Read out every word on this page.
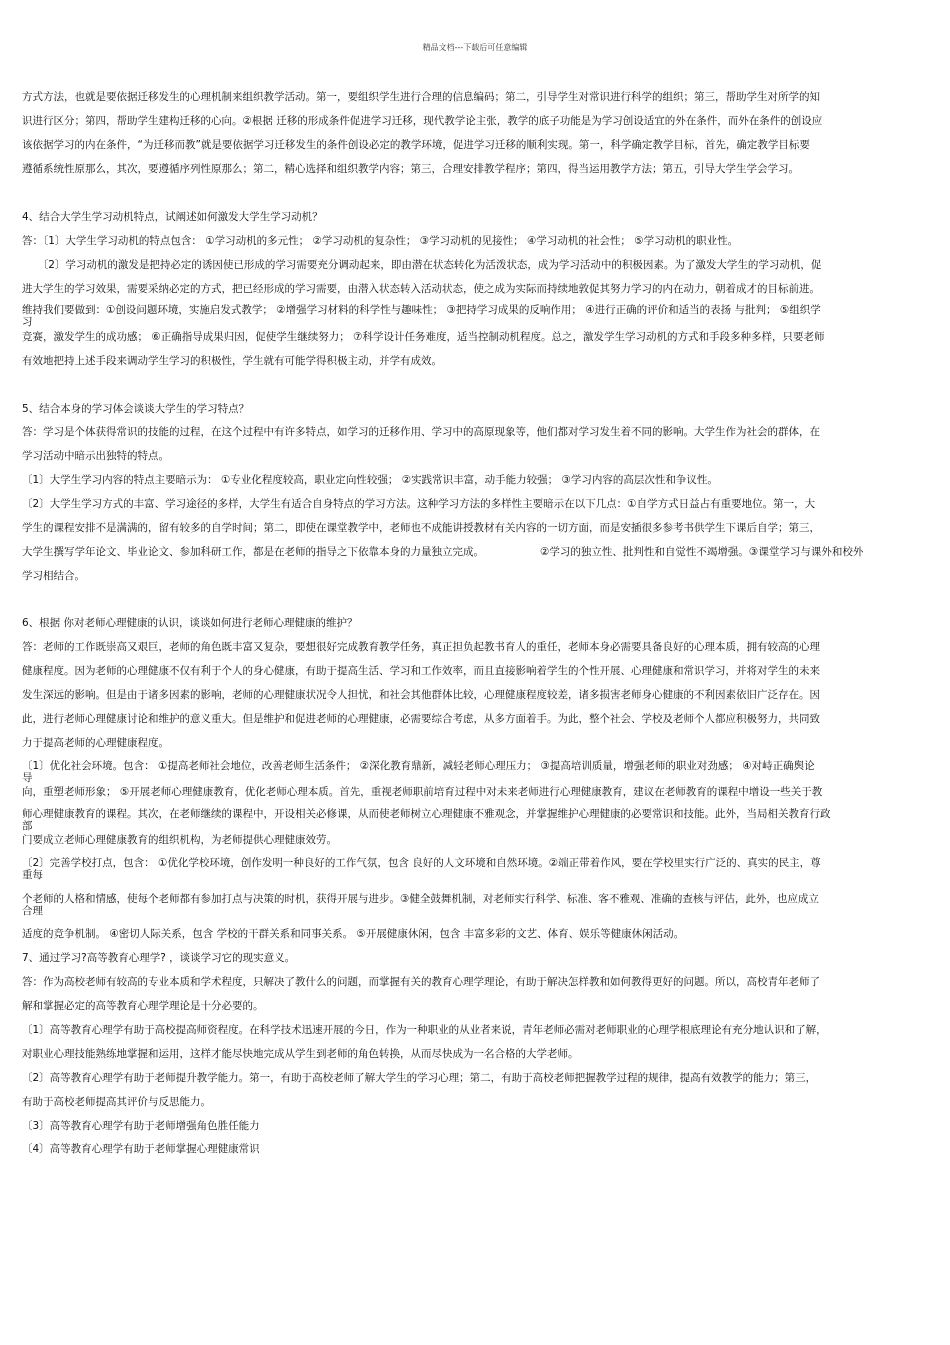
精品文档---下载后可任意编辑
方式方法，也就是要依据迁移发生的心理机制来组织教学活动。第一，要组织学生进行合理的信息编码；第二，引导学生对常识进行科学的组织；第三，帮助学生对所学的知
识进行区分；第四，帮助学生建构迁移的心向。②根据 迁移的形成条件促进学习迁移，现代教学论主张，教学的底子功能是为学习创设适宜的外在条件，而外在条件的创设应
该依据学习的内在条件，“为迁移而教”就是要依据学习迁移发生的条件创设必定的教学环境，促进学习迁移的顺利实现。第一，科学确定教学目标，首先，确定教学目标要
遵循系统性原那么，其次，要遵循序列性原那么；第二，精心选择和组织教学内容；第三，合理安排教学程序；第四，得当运用教学方法；第五，引导大学生学会学习。
4、结合大学生学习动机特点，试阐述如何激发大学生学习动机？
答：〔1〕大学生学习动机的特点包含： ①学习动机的多元性； ②学习动机的复杂性； ③学习动机的见接性； ④学习动机的社会性； ⑤学习动机的职业性。
　　〔2〕学习动机的激发是把持必定的诱因使已形成的学习需要充分调动起来，即由潜在状态转化为活泼状态，成为学习活动中的积极因素。为了激发大学生的学习动机，促
进大学生的学习效果，需要采纳必定的方式，把已经形成的学习需要，由潜入状态转入活动状态，使之成为实际而持续地敦促其努力学习的内在动力，朝着成才的目标前进。
维持我们要做到：①创设问题环境，实施启发式教学； ②增强学习材料的科学性与趣味性； ③把持学习成果的反响作用； ④进行正确的评价和适当的表扬 与批判； ⑤组织学
习
竞赛，激发学生的成功感； ⑥正确指导成果归因，促使学生继续努力； ⑦科学设计任务难度，适当控制动机程度。总之，激发学生学习动机的方式和手段多种多样，只要老师
有效地把持上述手段来调动学生学习的积极性，学生就有可能学得积极主动，并学有成效。
5、结合本身的学习体会谈谈大学生的学习特点？
答：学习是个体获得常识的技能的过程，在这个过程中有许多特点，如学习的迁移作用、学习中的高原现象等，他们都对学习发生着不同的影响。大学生作为社会的群体，在
学习活动中暗示出独特的特点。
〔1〕大学生学习内容的特点主要暗示为： ①专业化程度较高，职业定向性较强； ②实践常识丰富，动手能力较强； ③学习内容的高层次性和争议性。
〔2〕大学生学习方式的丰富、学习途径的多样，大学生有适合自身特点的学习方法。这种学习方法的多样性主要暗示在以下几点：①自学方式日益占有重要地位。第一，大
学生的课程安排不是满满的，留有较多的自学时间；第二，即使在课堂教学中，老师也不成能讲授教材有关内容的一切方面，而是安插很多参考书供学生下课后自学；第三，
大学生撰写学年论文、毕业论文、参加科研工作，都是在老师的指导之下依靠本身的力量独立完成。	②学习的独立性、批判性和自觉性不竭增强。③课堂学习与课外和校外
学习相结合。
6、根据 你对老师心理健康的认识，谈谈如何进行老师心理健康的维护？
答：老师的工作既崇高又艰巨，老师的角色既丰富又复杂，要想很好完成教育教学任务，真正担负起教书育人的重任，老师本身必需要具备良好的心理本质，拥有较高的心理
健康程度。因为老师的心理健康不仅有利于个人的身心健康，有助于提高生活、学习和工作效率，而且直接影响着学生的个性开展、心理健康和常识学习，并将对学生的未来
发生深远的影响。但是由于诸多因素的影响，老师的心理健康状况令人担忧，和社会其他群体比较，心理健康程度较差，诸多损害老师身心健康的不利因素依旧广泛存在。因
此，进行老师心理健康讨论和维护的意义重大。但是维护和促进老师的心理健康，必需要综合考虑，从多方面着手。为此，整个社会、学校及老师个人都应积极努力，共同致
力于提高老师的心理健康程度。
〔1〕优化社会环境。包含： ①提高老师社会地位，改善老师生活条件； ②深化教育鼎新，减轻老师心理压力； ③提高培训质量，增强老师的职业对劲感； ④对峙正确舆论
导
向，重塑老师形象； ⑤开展老师心理健康教育，优化老师心理本质。首先，重视老师职前培育过程中对未来老师进行心理健康教育，建议在老师教育的课程中增设一些关于教
师心理健康教育的课程。其次，在老师继续的课程中，开设相关必修课，从而使老师树立心理健康不雅观念，并掌握维护心理健康的必要常识和技能。此外，当局相关教育行政
部
门要成立老师心理健康教育的组织机构，为老师提供心理健康效劳。
〔2〕完善学校打点，包含： ①优化学校环境，创作发明一种良好的工作气氛，包含 良好的人文环境和自然环境。②端正带着作风，要在学校里实行广泛的、真实的民主，尊
重每
个老师的人格和情感，使每个老师都有参加打点与决策的时机，获得开展与进步。③健全鼓舞机制，对老师实行科学、标准、客不雅观、准确的查核与评估，此外，也应成立
合理
适度的竞争机制。 ④密切人际关系，包含 学校的干群关系和同事关系。 ⑤开展健康休闲，包含 丰富多彩的文艺、体育、娱乐等健康休闲活动。
7、通过学习?高等教育心理学? ，谈谈学习它的现实意义。
答：作为高校老师有较高的专业本质和学术程度，只解决了教什么的问题，而掌握有关的教育心理学理论，有助于解决怎样教和如何教得更好的问题。所以，高校青年老师了
解和掌握必定的高等教育心理学理论是十分必要的。
〔1〕高等教育心理学有助于高校提高师资程度。在科学技术迅速开展的今日，作为一种职业的从业者来说，青年老师必需对老师职业的心理学根底理论有充分地认识和了解，
对职业心理技能熟练地掌握和运用，这样才能尽快地完成从学生到老师的角色转换，从而尽快成为一名合格的大学老师。
〔2〕高等教育心理学有助于老师提升教学能力。第一，有助于高校老师了解大学生的学习心理；第二，有助于高校老师把握教学过程的规律，提高有效教学的能力；第三，
有助于高校老师提高其评价与反思能力。
〔3〕高等教育心理学有助于老师增强角色胜任能力
〔4〕高等教育心理学有助于老师掌握心理健康常识
